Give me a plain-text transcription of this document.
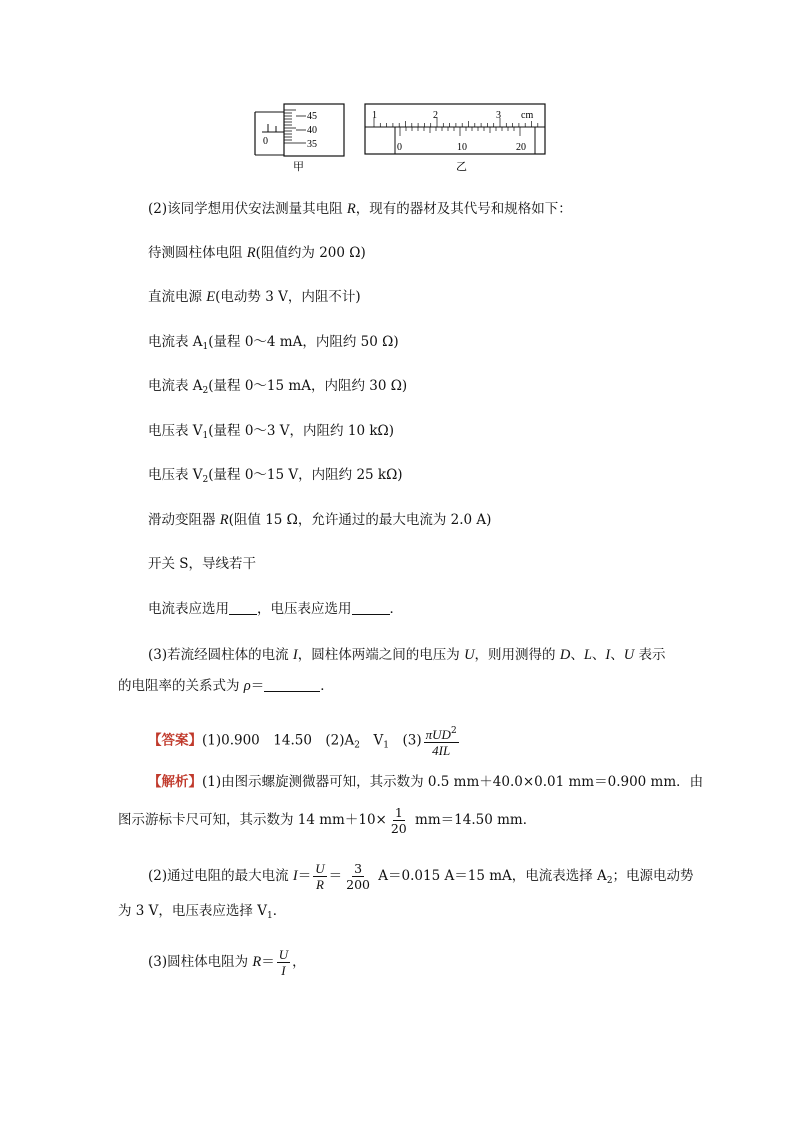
0
45
40
35
甲
1	2	3 cm
0	10	20
乙
(2)该同学想用伏安法测量其电阻 R，现有的器材及其代号和规格如下：
待测圆柱体电阻 R(阻值约为 200 Ω)
直流电源 E(电动势 3 V，内阻不计)
电流表 $A_1$(量程 0～4 mA，内阻约 50 Ω)
电流表 $A_2$(量程 0～15 mA，内阻约 30 Ω)
电压表 $V_1$(量程 0～3 V，内阻约 10 kΩ)
电压表 $V_2$(量程 0～15 V，内阻约 25 kΩ)
滑动变阻器 R(阻值 15 Ω，允许通过的最大电流为 2.0 A)
开关 S，导线若干
电流表应选用 ，电压表应选用	．
(3)若流经圆柱体的电流 I，圆柱体两端之间的电压为 U，则用测得的 D、L、I、U 表示
的电阻率的关系式为 ρ＝	．
【答案】(1)0.900　14.50　$(2)A_2$　$V_1$　$(3) \frac{\pi UD^2}{4IL}$
【解析】(1)由图示螺旋测微器可知，其示数为 0.5 mm＋40.0×0.01 mm＝0.900 mm．由
图示游标卡尺可知，其示数为 14 $mm+10\times \frac{1}{20} mm=14.50$ mm．
(2)通过电阻的最大电流 $I= \frac{U}{R} = \frac{3}{200} A=0.015$ A＝15 mA，电流表选择 $A_2$；电源电动势
为 3 V，电压表应选择 $V_1$．
(3)圆柱体电阻为 $R= \frac{U}{I}$ ，
